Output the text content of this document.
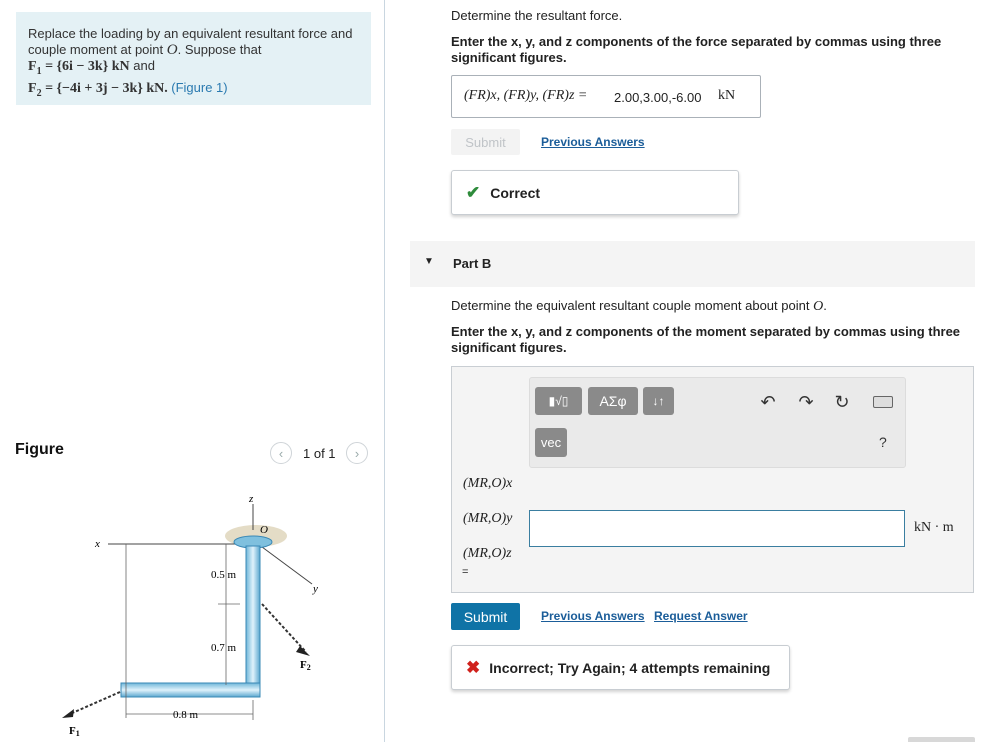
Replace the loading by an equivalent resultant force and
couple moment at point O. Suppose that
$F_1 = \{6i - 3k\}$ kN and
$F_2 = \{-4i + 3j - 3k\}$ kN. (Figure 1)
Figure	‹ 1 of 1 ›
z
x
y
O
0.5 m
0.7 m
0.8 m
F2
F1
Determine the resultant force.
Enter the x, y, and z components of the force separated by commas using three significant figures.
(FR)x, (FR)y, (FR)z = 2.00,3.00,-6.00 kN
Submit	Previous Answers
✔ Correct
▼ Part B
Determine the equivalent resultant couple moment about point O.
Enter the x, y, and z components of the moment separated by commas using three significant figures.
▮√▯	ΑΣφ	↓↑
vec
↶ ↷ ↻
?
(MR,O)x
(MR,O)y
(MR,O)z
=
kN · m
Submit	Previous Answers Request Answer
✖ Incorrect; Try Again; 4 attempts remaining
